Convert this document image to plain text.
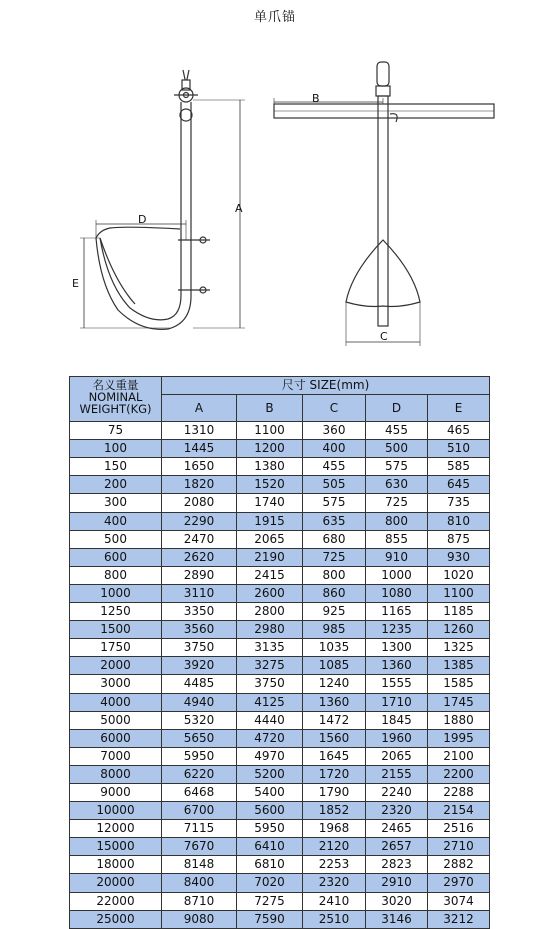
单爪锚
A
B
C
D
E
名义重量
NOMINAL WEIGHT(KG)	尺寸 SIZE(mm)				
	A	B	C	D	E
75	1310	1100	360	455	465
100	1445	1200	400	500	510
150	1650	1380	455	575	585
200	1820	1520	505	630	645
300	2080	1740	575	725	735
400	2290	1915	635	800	810
500	2470	2065	680	855	875
600	2620	2190	725	910	930
800	2890	2415	800	1000	1020
1000	3110	2600	860	1080	1100
1250	3350	2800	925	1165	1185
1500	3560	2980	985	1235	1260
1750	3750	3135	1035	1300	1325
2000	3920	3275	1085	1360	1385
3000	4485	3750	1240	1555	1585
4000	4940	4125	1360	1710	1745
5000	5320	4440	1472	1845	1880
6000	5650	4720	1560	1960	1995
7000	5950	4970	1645	2065	2100
8000	6220	5200	1720	2155	2200
9000	6468	5400	1790	2240	2288
10000	6700	5600	1852	2320	2154
12000	7115	5950	1968	2465	2516
15000	7670	6410	2120	2657	2710
18000	8148	6810	2253	2823	2882
20000	8400	7020	2320	2910	2970
22000	8710	7275	2410	3020	3074
25000	9080	7590	2510	3146	3212
